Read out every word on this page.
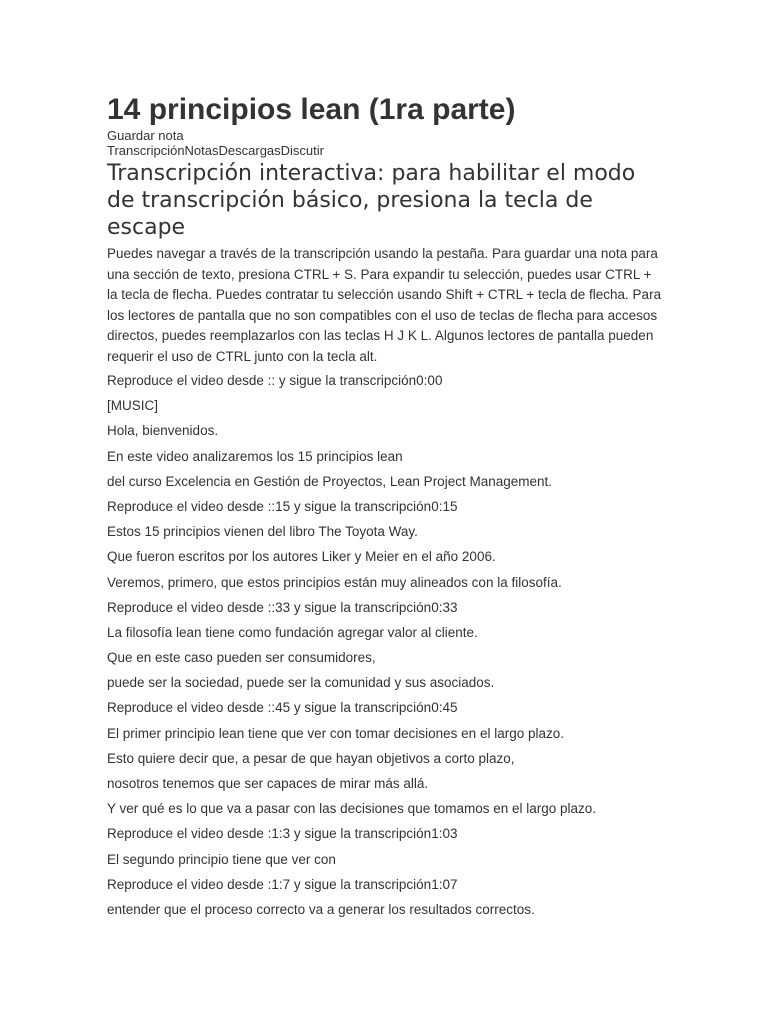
14 principios lean (1ra parte)
Guardar nota
TranscripciónNotasDescargasDiscutir
Transcripción interactiva: para habilitar el modo de transcripción básico, presiona la tecla de escape

Puedes navegar a través de la transcripción usando la pestaña. Para guardar una nota para una sección de texto, presiona CTRL + S. Para expandir tu selección, puedes usar CTRL + la tecla de flecha. Puedes contratar tu selección usando Shift + CTRL + tecla de flecha. Para los lectores de pantalla que no son compatibles con el uso de teclas de flecha para accesos directos, puedes reemplazarlos con las teclas H J K L. Algunos lectores de pantalla pueden requerir el uso de CTRL junto con la tecla alt.

Reproduce el video desde :: y sigue la transcripción0:00
[MUSIC]
Hola, bienvenidos.
En este video analizaremos los 15 principios lean
del curso Excelencia en Gestión de Proyectos, Lean Project Management.
Reproduce el video desde ::15 y sigue la transcripción0:15
Estos 15 principios vienen del libro The Toyota Way.
Que fueron escritos por los autores Liker y Meier en el año 2006.
Veremos, primero, que estos principios están muy alineados con la filosofía.
Reproduce el video desde ::33 y sigue la transcripción0:33
La filosofía lean tiene como fundación agregar valor al cliente.
Que en este caso pueden ser consumidores,
puede ser la sociedad, puede ser la comunidad y sus asociados.
Reproduce el video desde ::45 y sigue la transcripción0:45
El primer principio lean tiene que ver con tomar decisiones en el largo plazo.
Esto quiere decir que, a pesar de que hayan objetivos a corto plazo,
nosotros tenemos que ser capaces de mirar más allá.
Y ver qué es lo que va a pasar con las decisiones que tomamos en el largo plazo.
Reproduce el video desde :1:3 y sigue la transcripción1:03
El segundo principio tiene que ver con
Reproduce el video desde :1:7 y sigue la transcripción1:07
entender que el proceso correcto va a generar los resultados correctos.
